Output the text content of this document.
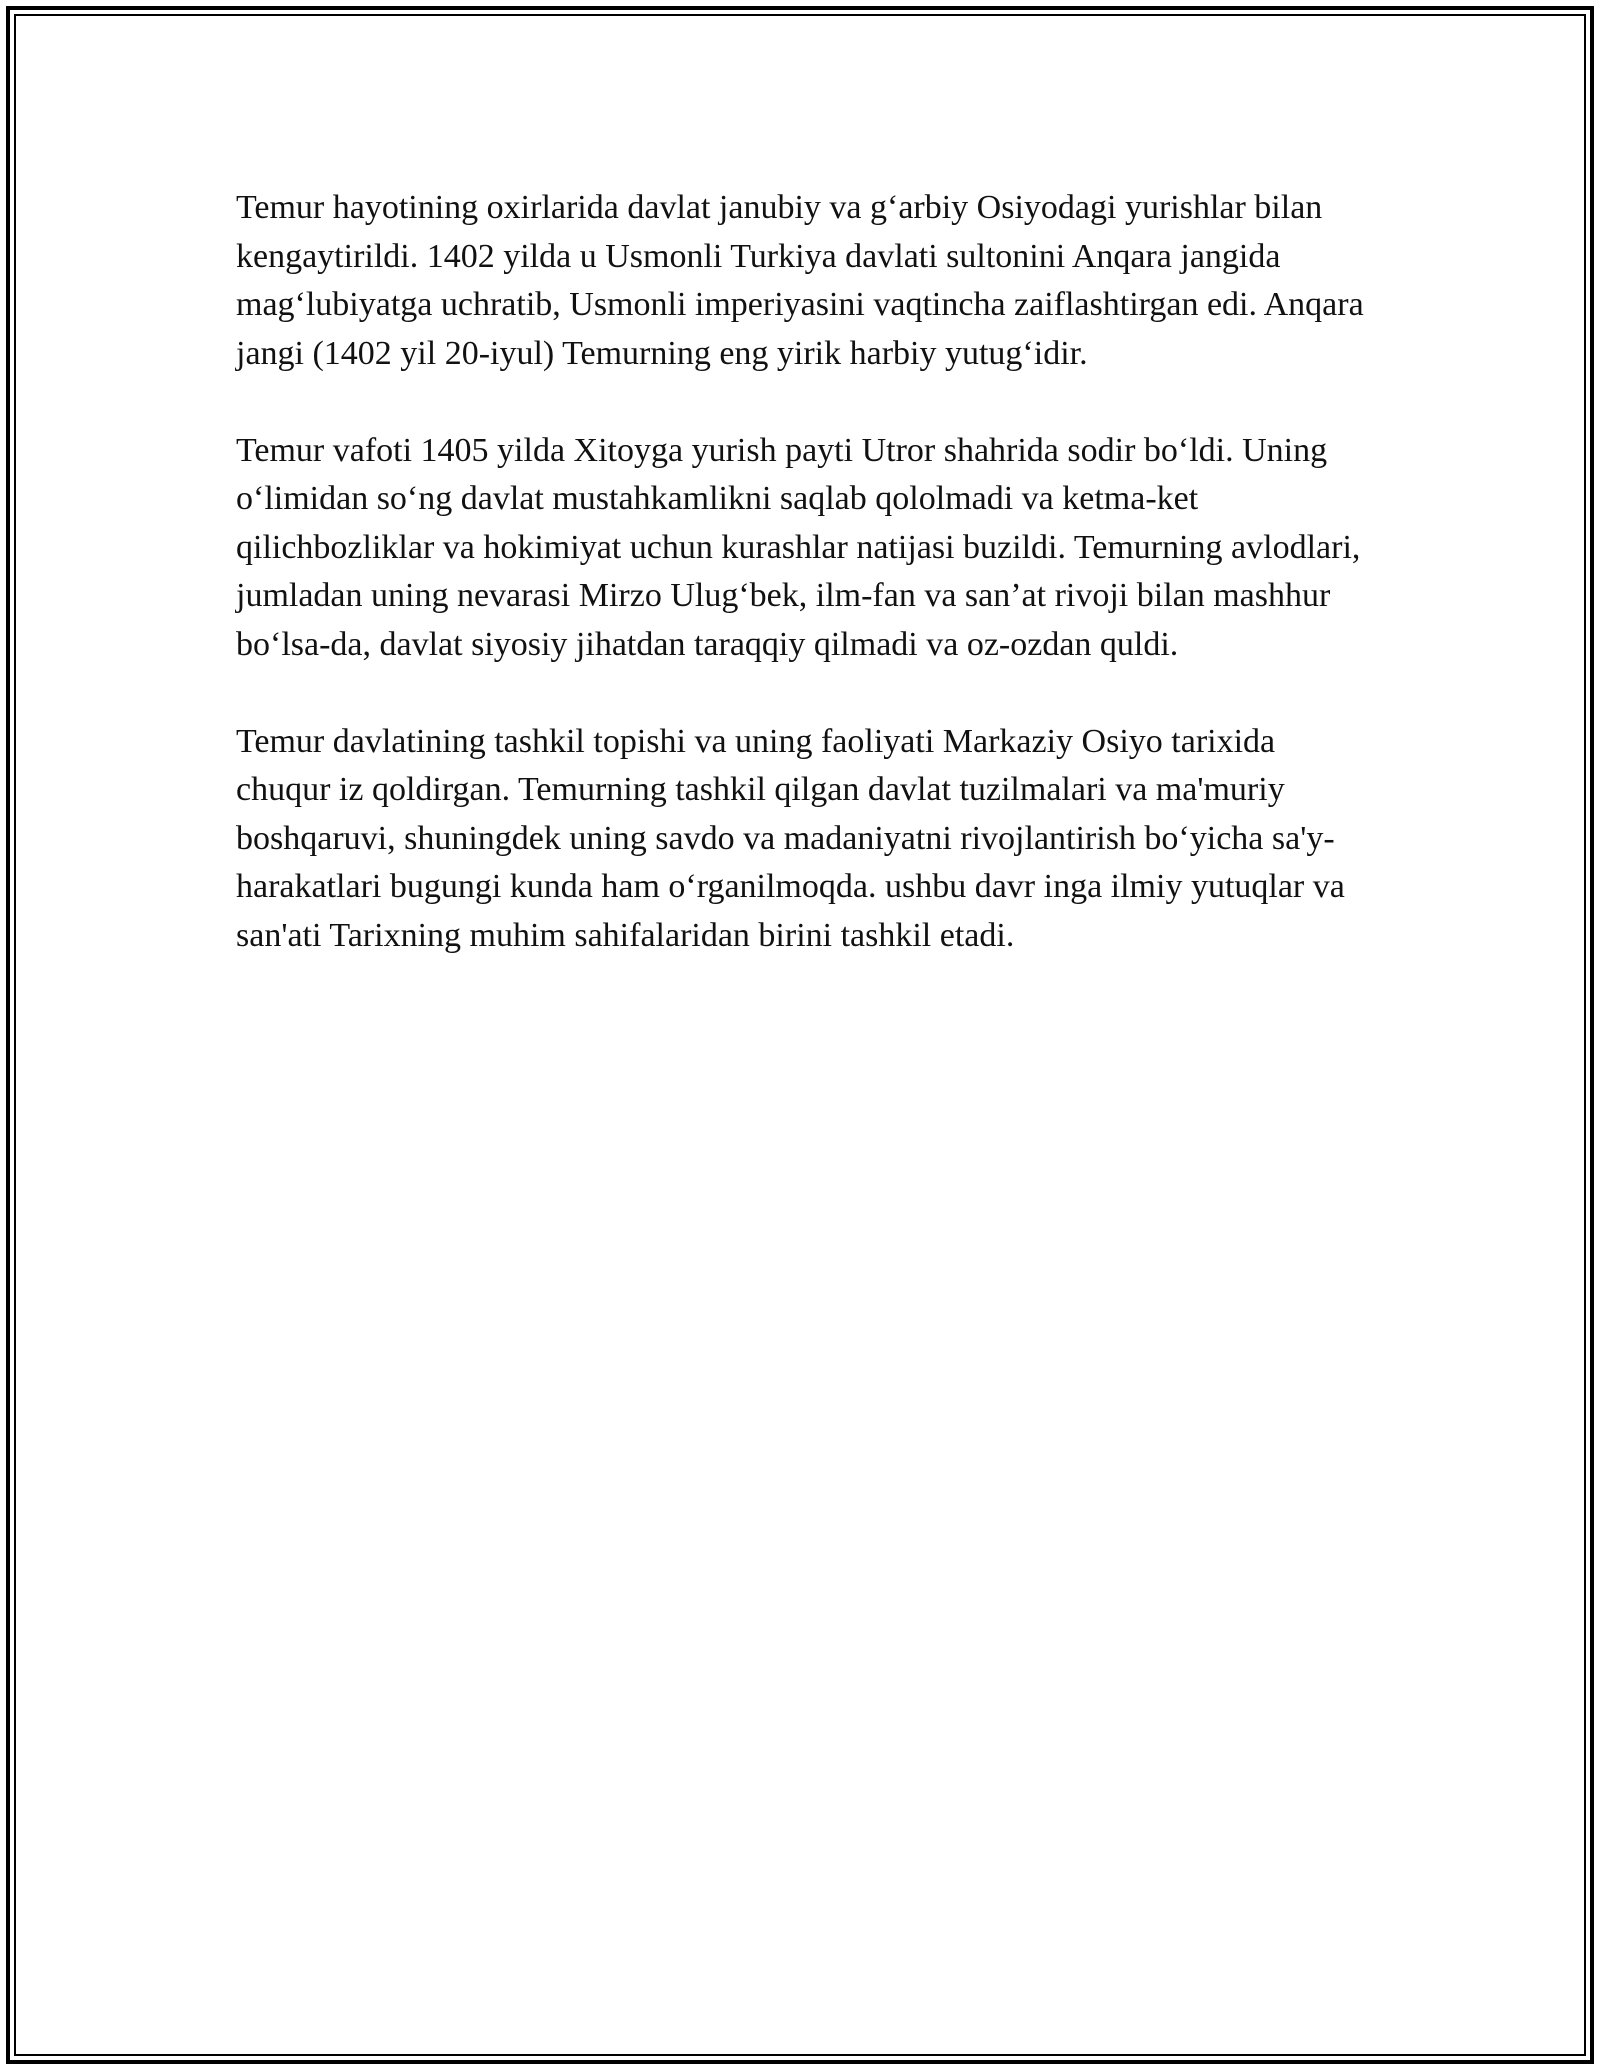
Temur hayotining oxirlarida davlat janubiy va g‘arbiy Osiyodagi yurishlar bilan kengaytirildi. 1402 yilda u Usmonli Turkiya davlati sultonini Anqara jangida mag‘lubiyatga uchratib, Usmonli imperiyasini vaqtincha zaiflashtirgan edi. Anqara jangi (1402 yil 20-iyul) Temurning eng yirik harbiy yutug‘idir.

Temur vafoti 1405 yilda Xitoyga yurish payti Utror shahrida sodir bo‘ldi. Uning o‘limidan so‘ng davlat mustahkamlikni saqlab qololmadi va ketma-ket qilichbozliklar va hokimiyat uchun kurashlar natijasi buzildi. Temurning avlodlari, jumladan uning nevarasi Mirzo Ulug‘bek, ilm-fan va san’at rivoji bilan mashhur bo‘lsa-da, davlat siyosiy jihatdan taraqqiy qilmadi va oz-ozdan quldi.

Temur davlatining tashkil topishi va uning faoliyati Markaziy Osiyo tarixida chuqur iz qoldirgan. Temurning tashkil qilgan davlat tuzilmalari va ma'muriy boshqaruvi, shuningdek uning savdo va madaniyatni rivojlantirish bo‘yicha sa'y-harakatlari bugungi kunda ham o‘rganilmoqda. ushbu davr inga ilmiy yutuqlar va san'ati Tarixning muhim sahifalaridan birini tashkil etadi.
